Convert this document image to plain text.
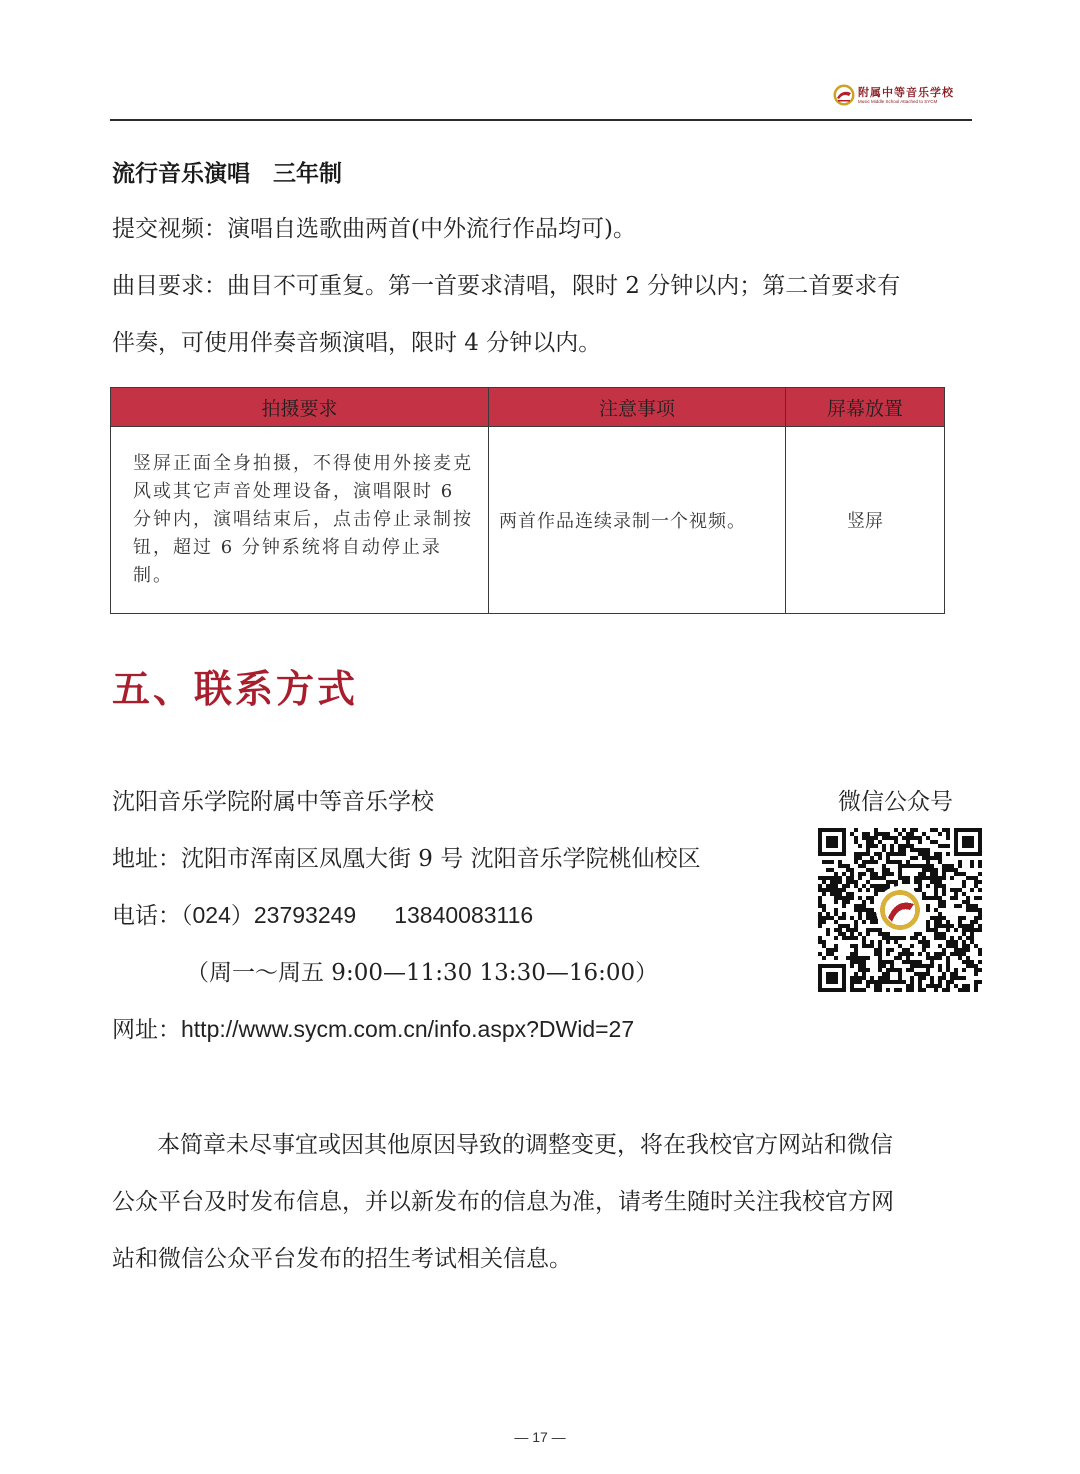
附属中等音乐学校
Music Middle School Attached to SYCM
流行音乐演唱　三年制
提交视频：演唱自选歌曲两首(中外流行作品均可)。
曲目要求：曲目不可重复。第一首要求清唱，限时 2 分钟以内；第二首要求有
伴奏，可使用伴奏音频演唱，限时 4 分钟以内。
拍摄要求	注意事项	屏幕放置
竖屏正面全身拍摄，不得使用外接麦克风或其它声音处理设备，演唱限时 6 分钟内，演唱结束后，点击停止录制按钮，超过 6 分钟系统将自动停止录制。	两首作品连续录制一个视频。	竖屏
五、联系方式
沈阳音乐学院附属中等音乐学校
地址：沈阳市浑南区凤凰大街 9 号 沈阳音乐学院桃仙校区
电话：（024）23793249 13840083116
（周一～周五 9:00—11:30 13:30—16:00）
网址：http://www.sycm.com.cn/info.aspx?DWid=27
微信公众号
本简章未尽事宜或因其他原因导致的调整变更，将在我校官方网站和微信
公众平台及时发布信息，并以新发布的信息为准，请考生随时关注我校官方网
站和微信公众平台发布的招生考试相关信息。
— 17 —
